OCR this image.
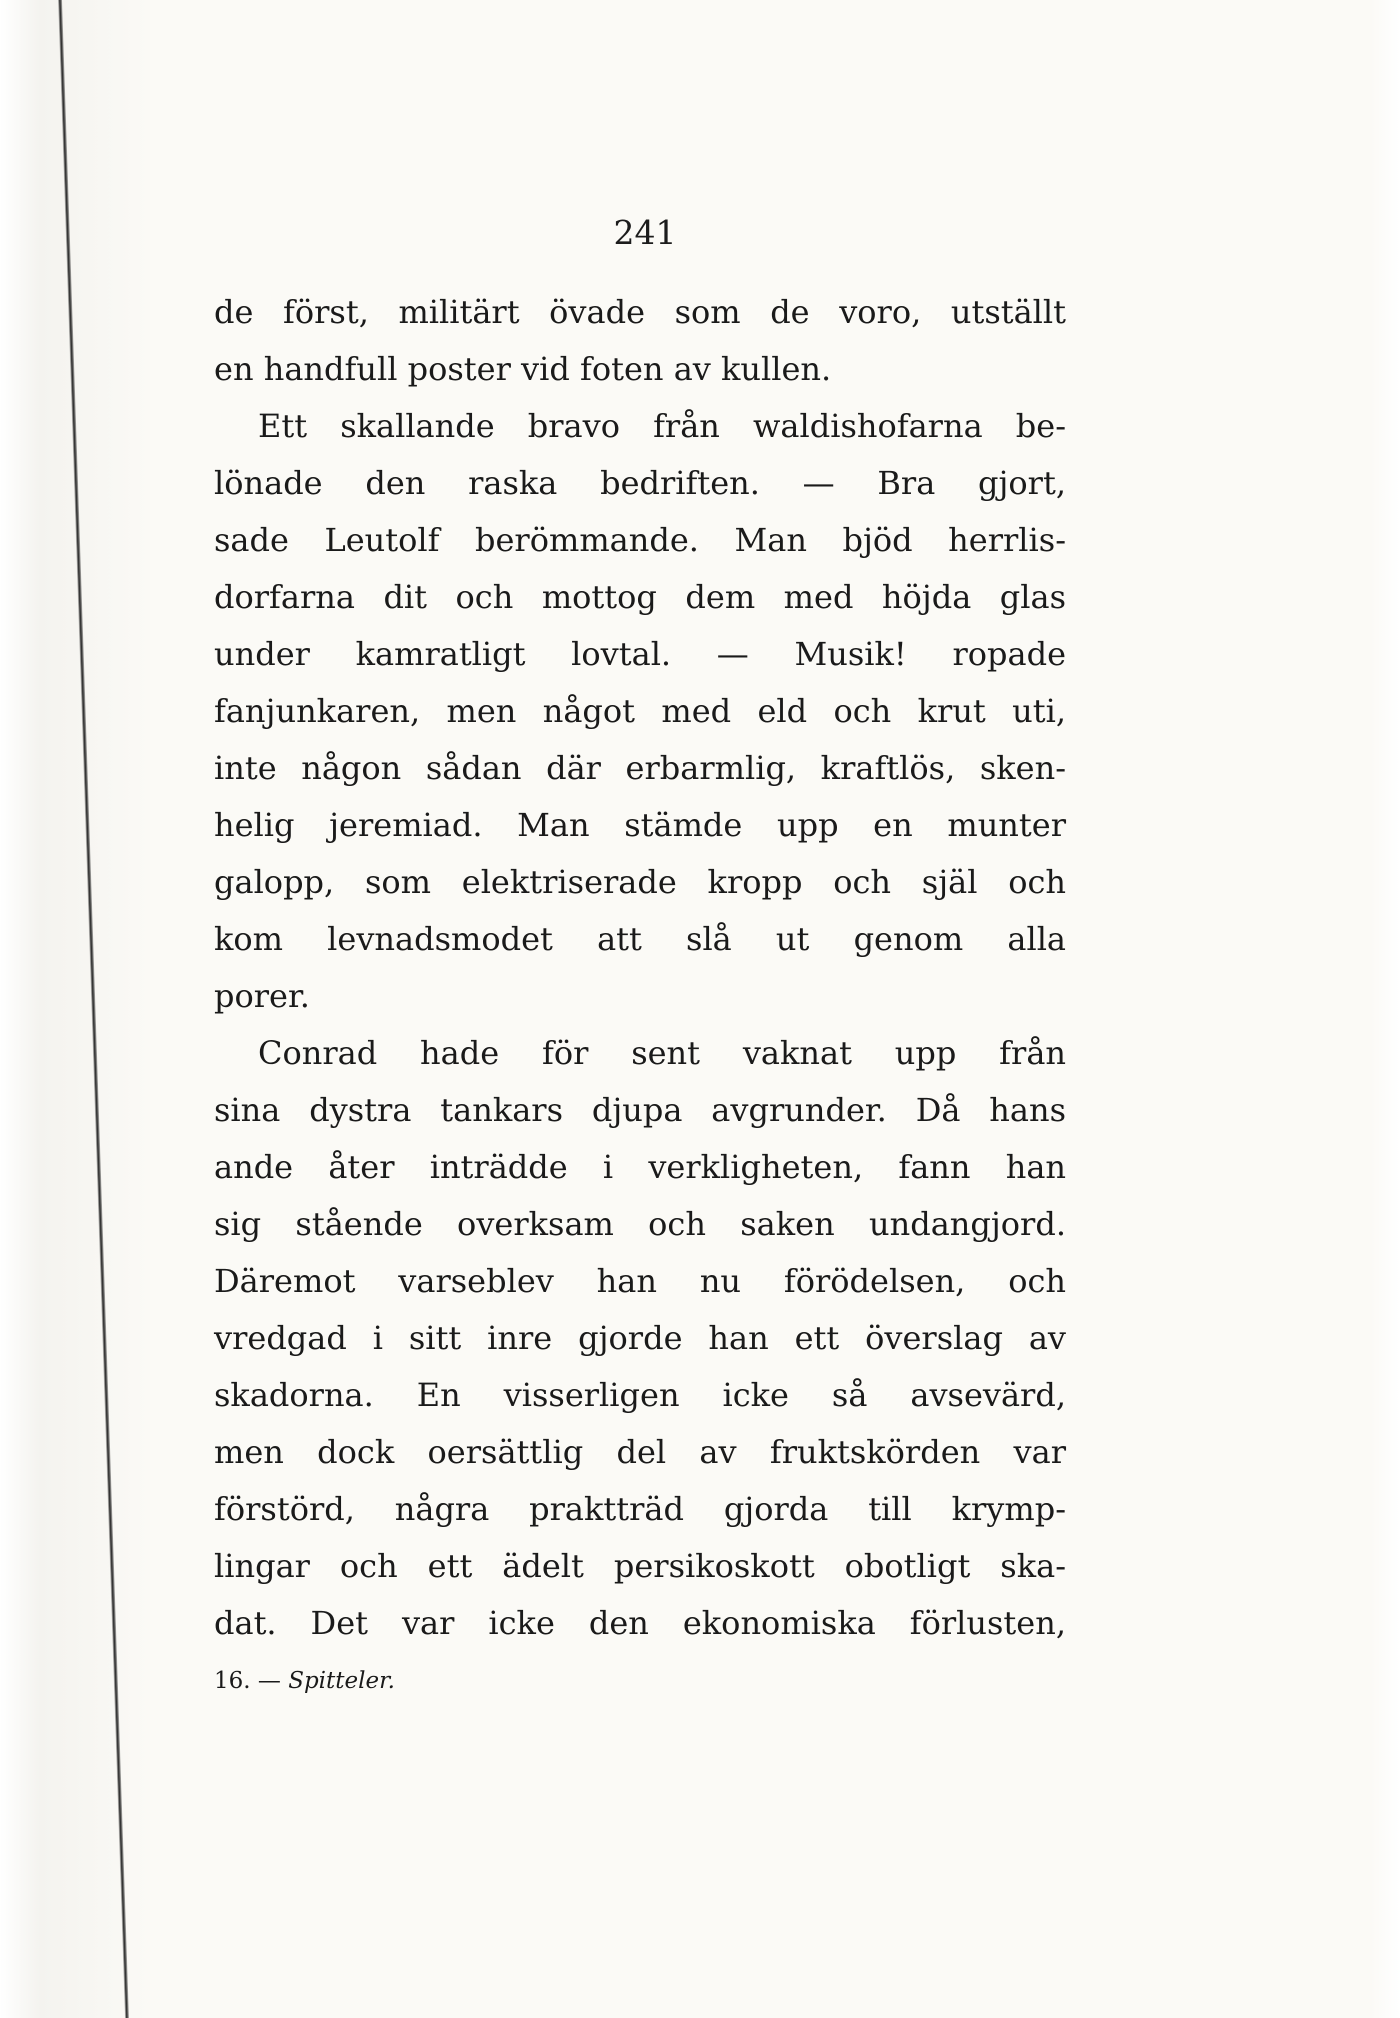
241
de först, militärt övade som de voro, utställt
en handfull poster vid foten av kullen.
Ett skallande bravo från waldishofarna be-
lönade den raska bedriften. — Bra gjort,
sade Leutolf berömmande. Man bjöd herrlis-
dorfarna dit och mottog dem med höjda glas
under kamratligt lovtal. — Musik! ropade
fanjunkaren, men något med eld och krut uti,
inte någon sådan där erbarmlig, kraftlös, sken-
helig jeremiad. Man stämde upp en munter
galopp, som elektriserade kropp och själ och
kom levnadsmodet att slå ut genom alla
porer.
Conrad hade för sent vaknat upp från
sina dystra tankars djupa avgrunder. Då hans
ande åter inträdde i verkligheten, fann han
sig stående overksam och saken undangjord.
Däremot varseblev han nu förödelsen, och
vredgad i sitt inre gjorde han ett överslag av
skadorna. En visserligen icke så avsevärd,
men dock oersättlig del av fruktskörden var
förstörd, några praktträd gjorda till krymp-
lingar och ett ädelt persikoskott obotligt ska-
dat. Det var icke den ekonomiska förlusten,
16. — Spitteler.
